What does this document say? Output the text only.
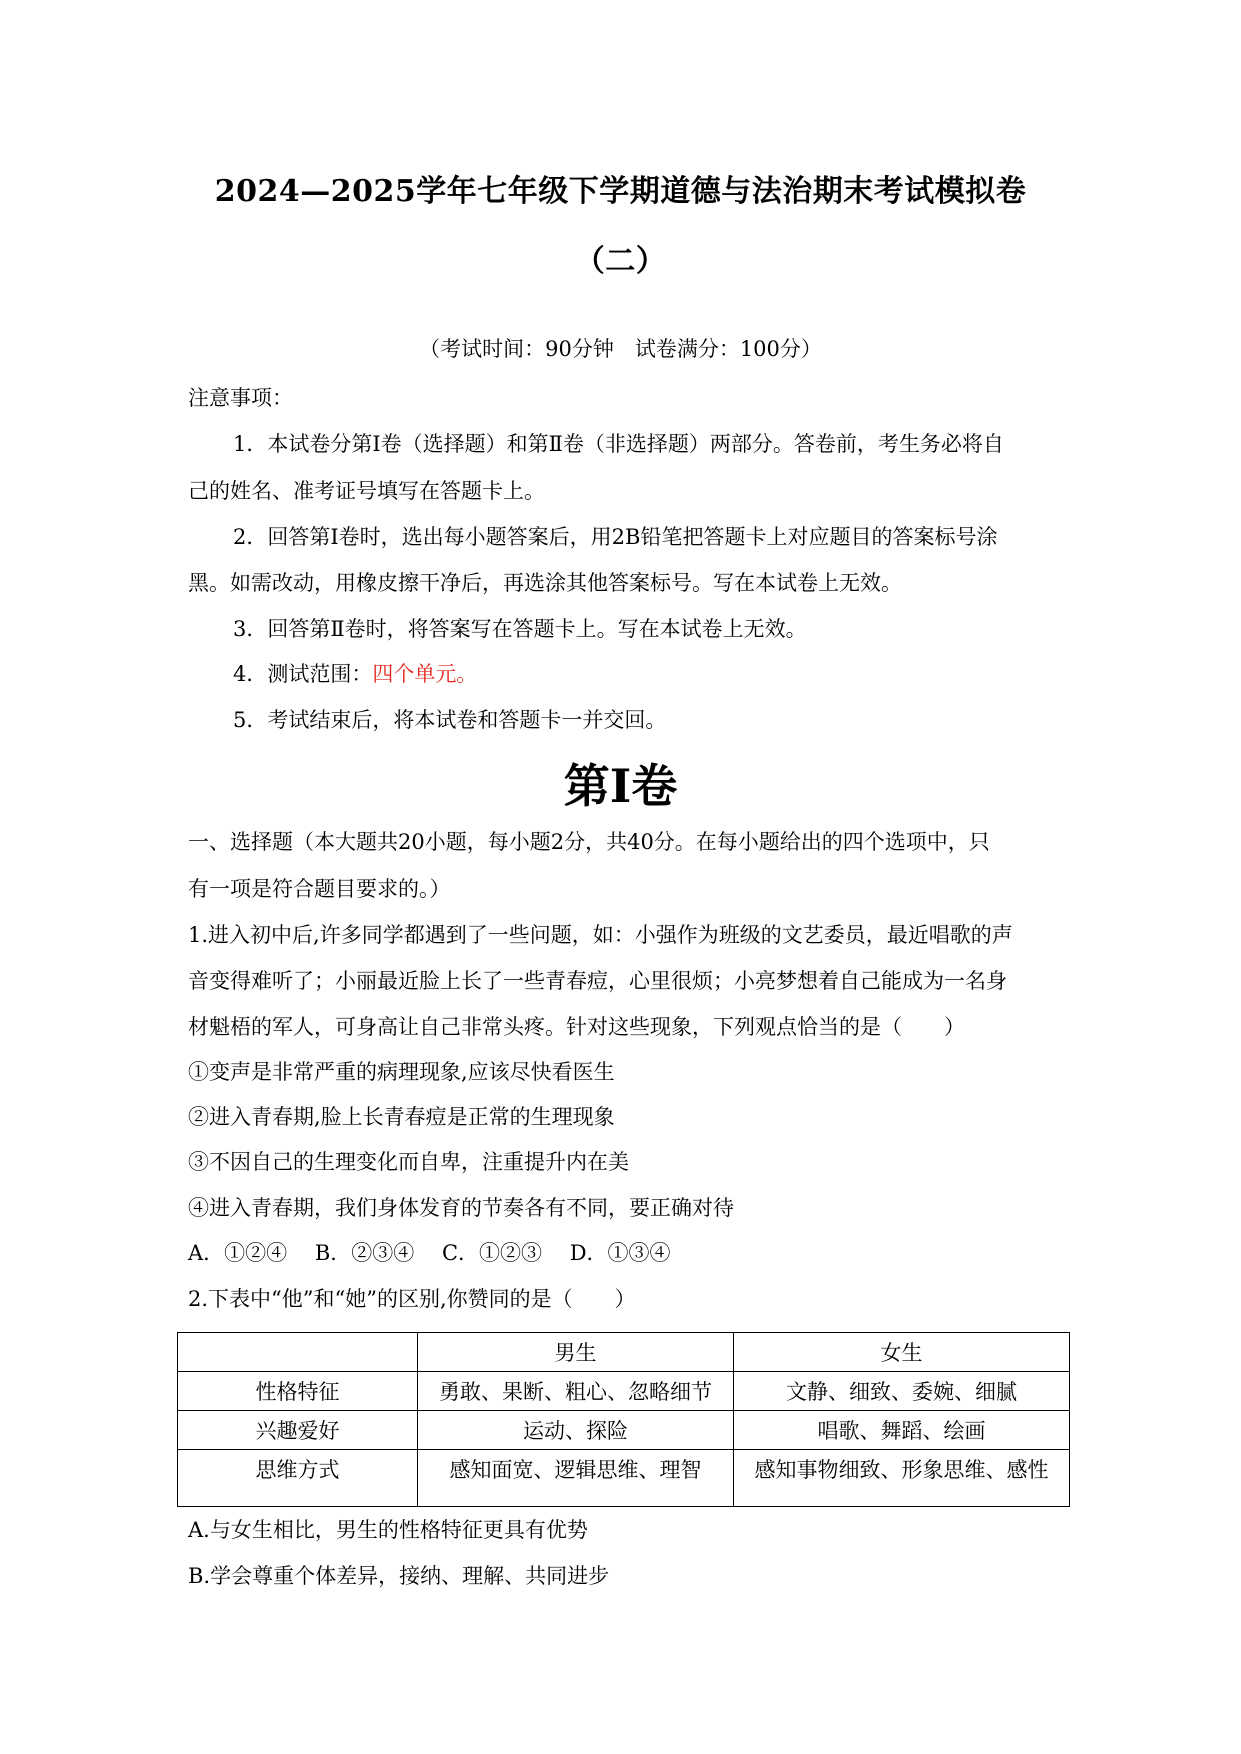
2024—2025学年七年级下学期道德与法治期末考试模拟卷
（二）
（考试时间：90分钟　试卷满分：100分）
注意事项：
1．本试卷分第Ⅰ卷（选择题）和第Ⅱ卷（非选择题）两部分。答卷前，考生务必将自
己的姓名、准考证号填写在答题卡上。
2．回答第Ⅰ卷时，选出每小题答案后，用2B铅笔把答题卡上对应题目的答案标号涂
黑。如需改动，用橡皮擦干净后，再选涂其他答案标号。写在本试卷上无效。
3．回答第Ⅱ卷时，将答案写在答题卡上。写在本试卷上无效。
4．测试范围：四个单元。
5．考试结束后，将本试卷和答题卡一并交回。
第Ⅰ卷
一、选择题（本大题共20小题，每小题2分，共40分。在每小题给出的四个选项中，只
有一项是符合题目要求的。）
1.进入初中后,许多同学都遇到了一些问题，如：小强作为班级的文艺委员，最近唱歌的声
音变得难听了；小丽最近脸上长了一些青春痘，心里很烦；小亮梦想着自己能成为一名身
材魁梧的军人，可身高让自己非常头疼。针对这些现象，下列观点恰当的是（　　）
①变声是非常严重的病理现象,应该尽快看医生
②进入青春期,脸上长青春痘是正常的生理现象
③不因自己的生理变化而自卑，注重提升内在美
④进入青春期，我们身体发育的节奏各有不同，要正确对待
A．①②④　 B．②③④　 C．①②③　 D．①③④
2.下表中“他”和“她”的区别,你赞同的是（　　）
	男生	女生
性格特征	勇敢、果断、粗心、忽略细节	文静、细致、委婉、细腻
兴趣爱好	运动、探险	唱歌、舞蹈、绘画
思维方式	感知面宽、逻辑思维、理智	感知事物细致、形象思维、感性
A.与女生相比，男生的性格特征更具有优势
B.学会尊重个体差异，接纳、理解、共同进步
